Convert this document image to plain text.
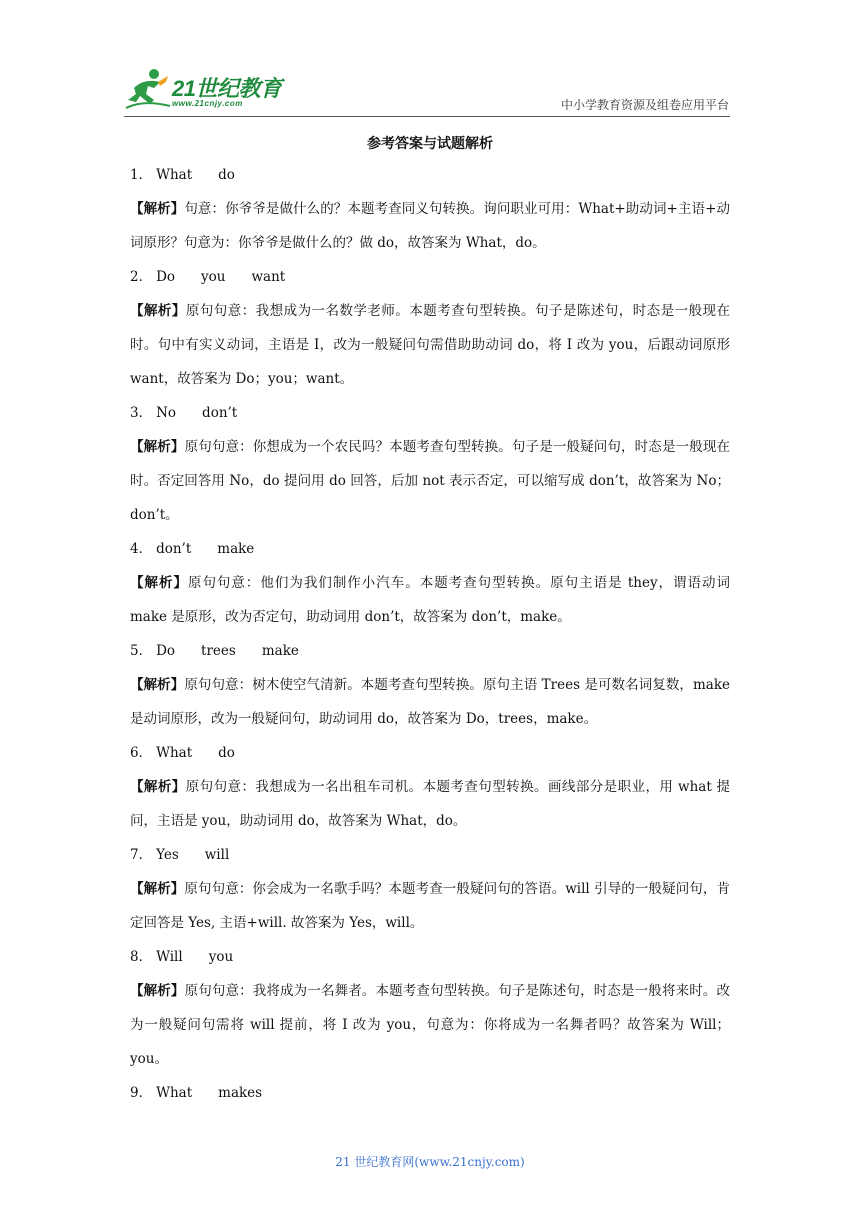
21世纪教育
www.21cnjy.com	中小学教育资源及组卷应用平台
参考答案与试题解析
1． What do
【解析】句意：你爷爷是做什么的？本题考查同义句转换。询问职业可用：What+助动词+主语+动词原形？句意为：你爷爷是做什么的？做 do，故答案为 What，do。
2． Do you want
【解析】原句句意：我想成为一名数学老师。本题考查句型转换。句子是陈述句，时态是一般现在时。句中有实义动词，主语是 I，改为一般疑问句需借助助动词 do，将 I 改为 you，后跟动词原形 want，故答案为 Do；you；want。
3． No don’t
【解析】原句句意：你想成为一个农民吗？本题考查句型转换。句子是一般疑问句，时态是一般现在时。否定回答用 No，do 提问用 do 回答，后加 not 表示否定，可以缩写成 don’t，故答案为 No；don’t。
4． don’t make
【解析】原句句意：他们为我们制作小汽车。本题考查句型转换。原句主语是 they，谓语动词 make 是原形，改为否定句，助动词用 don’t，故答案为 don’t，make。
5． Do trees make
【解析】原句句意：树木使空气清新。本题考查句型转换。原句主语 Trees 是可数名词复数，make 是动词原形，改为一般疑问句，助动词用 do，故答案为 Do，trees，make。
6． What do
【解析】原句句意：我想成为一名出租车司机。本题考查句型转换。画线部分是职业，用 what 提问，主语是 you，助动词用 do，故答案为 What，do。
7． Yes will
【解析】原句句意：你会成为一名歌手吗？本题考查一般疑问句的答语。will 引导的一般疑问句，肯定回答是 Yes, 主语+will. 故答案为 Yes，will。
8． Will you
【解析】原句句意：我将成为一名舞者。本题考查句型转换。句子是陈述句，时态是一般将来时。改为一般疑问句需将 will 提前，将 I 改为 you，句意为：你将成为一名舞者吗？故答案为 Will；you。
9． What makes
21 世纪教育网(www.21cnjy.com)
